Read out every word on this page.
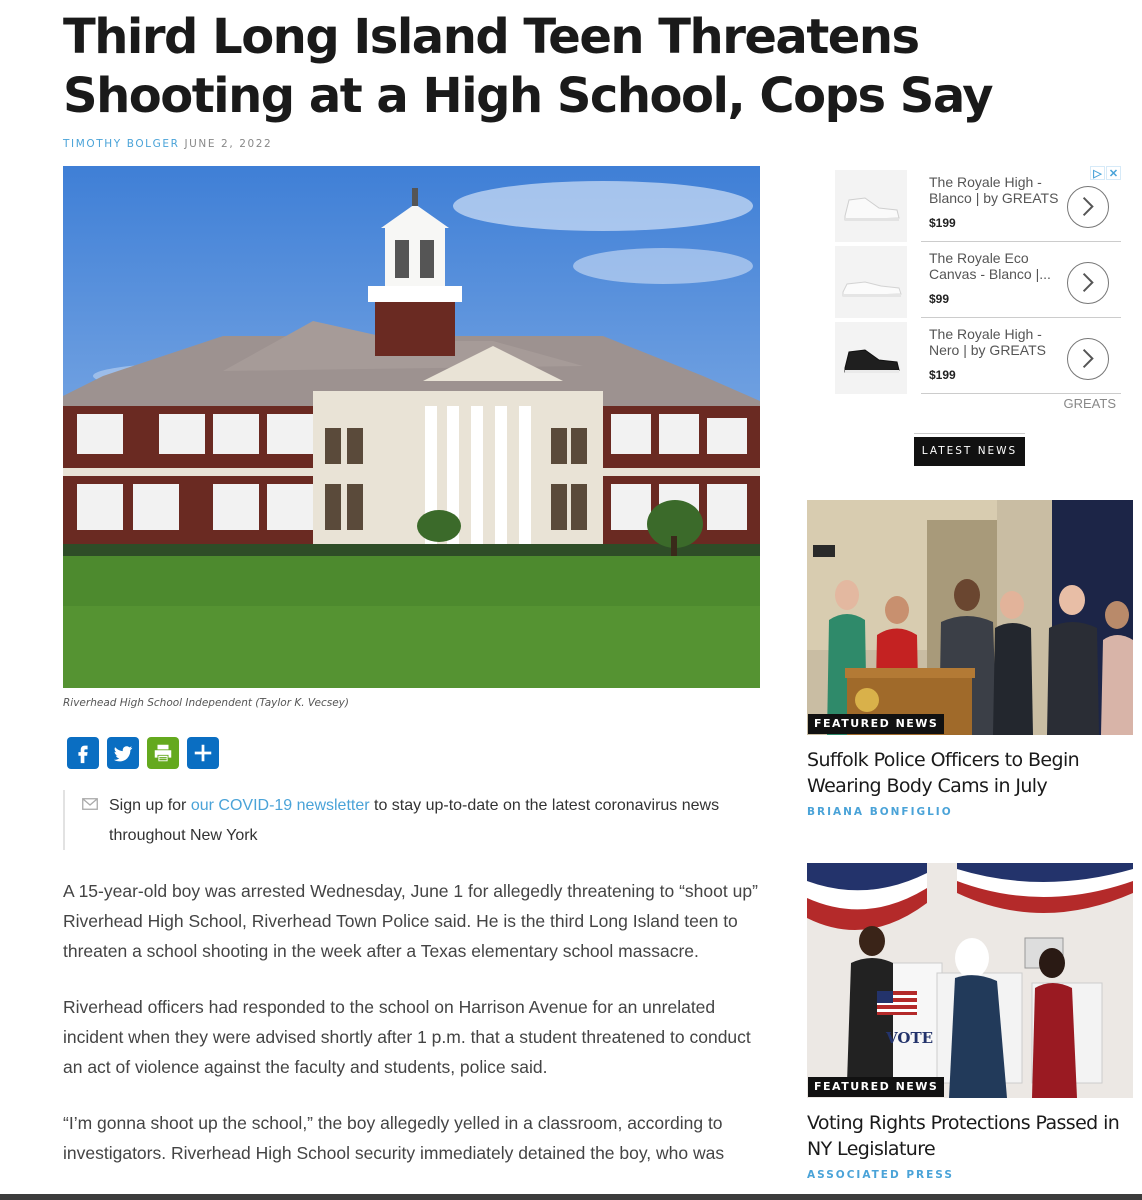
Third Long Island Teen Threatens Shooting at a High School, Cops Say
TIMOTHY BOLGER JUNE 2, 2022
Riverhead High School Independent (Taylor K. Vecsey)

Sign up for our COVID-19 newsletter to stay up-to-date on the latest coronavirus news throughout New York

A 15-year-old boy was arrested Wednesday, June 1 for allegedly threatening to “shoot up” Riverhead High School, Riverhead Town Police said. He is the third Long Island teen to threaten a school shooting in the week after a Texas elementary school massacre.

Riverhead officers had responded to the school on Harrison Avenue for an unrelated incident when they were advised shortly after 1 p.m. that a student threatened to conduct an act of violence against the faculty and students, police said.

“I’m gonna shoot up the school,” the boy allegedly yelled in a classroom, according to investigators. Riverhead High School security immediately detained the boy, who was

▷ ✕
The Royale High - Blanco | by GREATS
$199
The Royale Eco Canvas - Blanco |...
$99
The Royale High - Nero | by GREATS
$199
GREATS
LATEST NEWS
FEATURED NEWS
Suffolk Police Officers to Begin Wearing Body Cams in July
BRIANA BONFIGLIO
VOTE
FEATURED NEWS
Voting Rights Protections Passed in NY Legislature
ASSOCIATED PRESS
